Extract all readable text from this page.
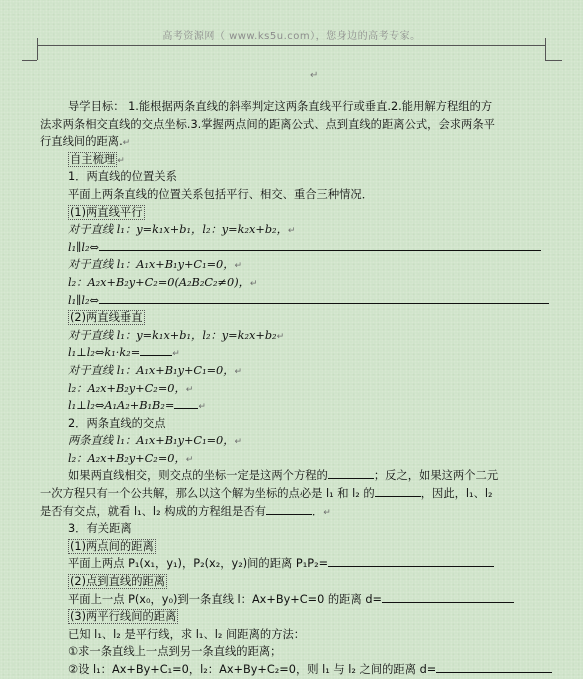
高考资源网（ www.ks5u.com），您身边的高考专家。
↵
导学目标： 1.能根据两条直线的斜率判定这两条直线平行或垂直.2.能用解方程组的方
法求两条相交直线的交点坐标.3.掌握两点间的距离公式、点到直线的距离公式，会求两条平
行直线间的距离.↵
自主梳理 ↵
1．两直线的位置关系
平面上两条直线的位置关系包括平行、相交、重合三种情况．
(1)两直线平行
对于直线 l₁：y=k₁x+b₁，l₂：y=k₂x+b₂，↵
l₁∥l₂⇔
对于直线 l₁：A₁x+B₁y+C₁=0，↵
l₂：A₂x+B₂y+C₂=0(A₂B₂C₂≠0)，↵
l₁∥l₂⇔
(2)两直线垂直
对于直线 l₁：y=k₁x+b₁，l₂：y=k₂x+b₂↵
l₁⊥l₂⇔k₁·k₂=	↵
对于直线 l₁：A₁x+B₁y+C₁=0，↵
l₂：A₂x+B₂y+C₂=0，↵
l₁⊥l₂⇔A₁A₂+B₁B₂=	↵
2．两条直线的交点
两条直线 l₁：A₁x+B₁y+C₁=0，↵
l₂：A₂x+B₂y+C₂=0，↵
如果两直线相交，则交点的坐标一定是这两个方程的	；反之，如果这两个二元
一次方程只有一个公共解，那么以这个解为坐标的点必是 l₁ 和 l₂ 的	，因此，l₁、l₂
是否有交点，就看 l₁、l₂ 构成的方程组是否有	．↵
3．有关距离
(1)两点间的距离
平面上两点 P₁(x₁，y₁)，P₂(x₂，y₂)间的距离 P₁P₂=
(2)点到直线的距离
平面上一点 P(x₀，y₀)到一条直线 l：Ax+By+C=0 的距离 d=
(3)两平行线间的距离
已知 l₁、l₂ 是平行线，求 l₁、l₂ 间距离的方法：
①求一条直线上一点到另一条直线的距离；
②设 l₁：Ax+By+C₁=0，l₂：Ax+By+C₂=0，则 l₁ 与 l₂ 之间的距离 d=
